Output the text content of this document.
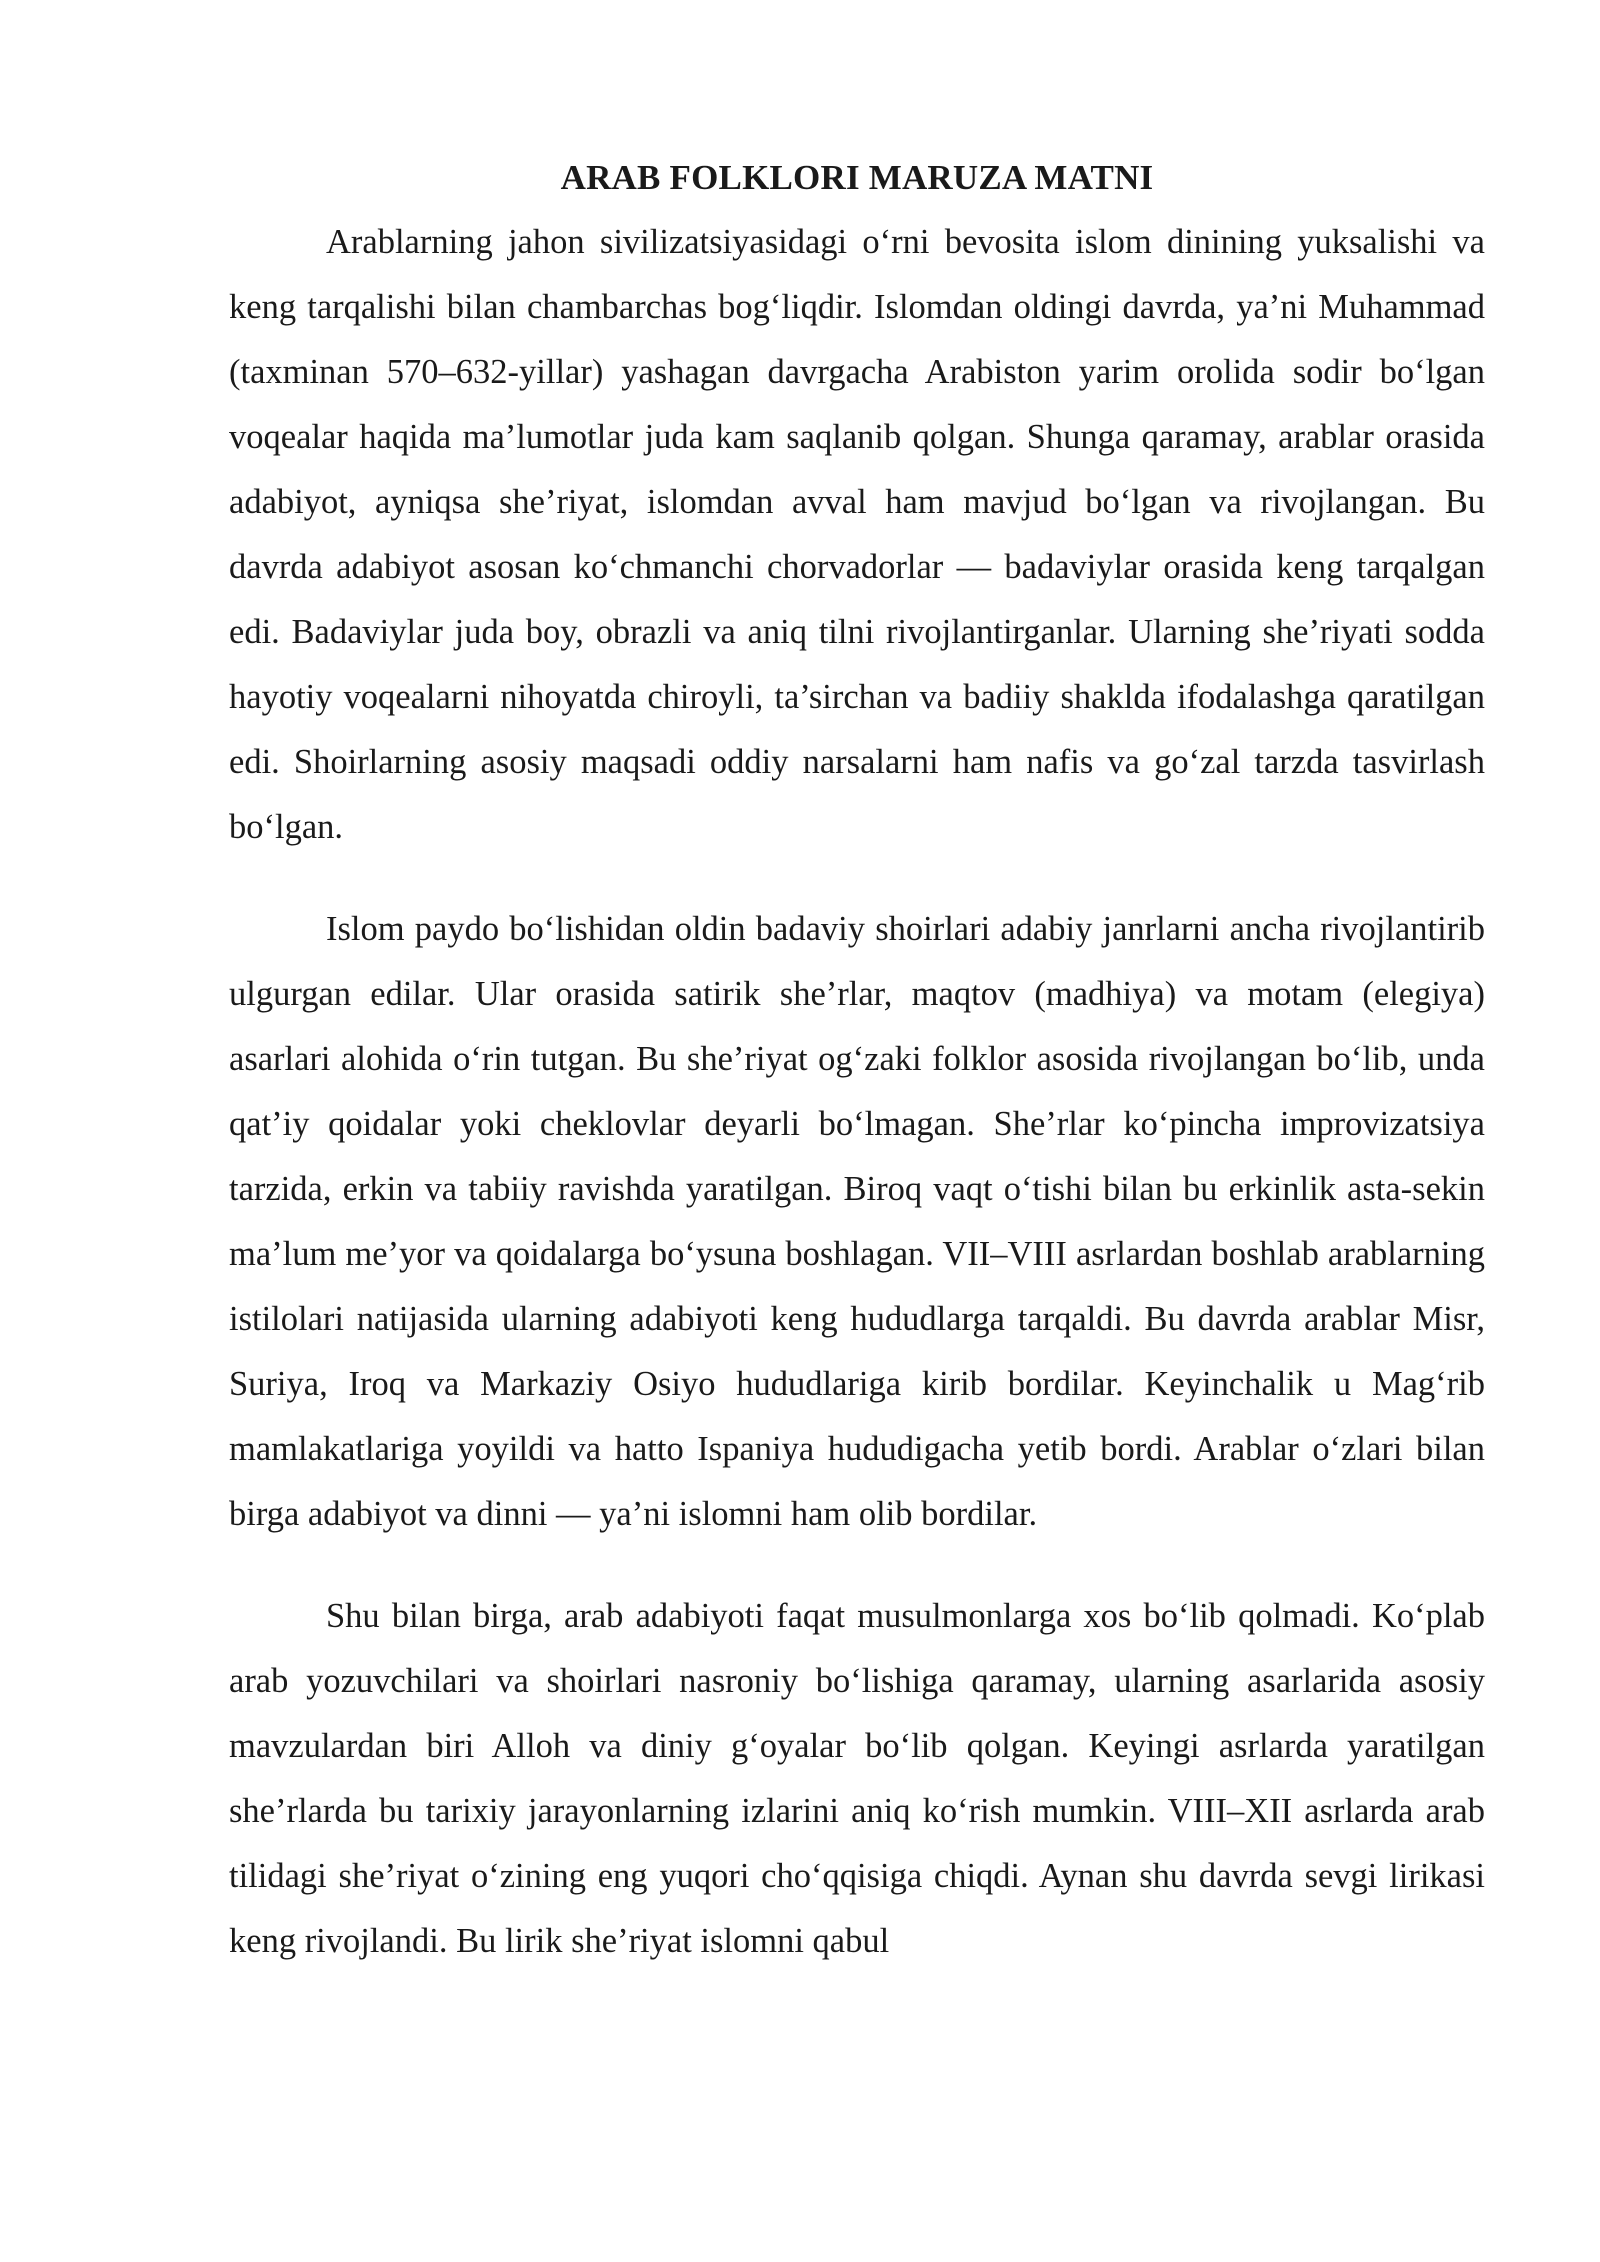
ARAB FOLKLORI MARUZA MATNI

Arablarning jahon sivilizatsiyasidagi o‘rni bevosita islom dinining yuksalishi va keng tarqalishi bilan chambarchas bog‘liqdir. Islomdan oldingi davrda, ya’ni Muhammad (taxminan 570–632-yillar) yashagan davrgacha Arabiston yarim orolida sodir bo‘lgan voqealar haqida ma’lumotlar juda kam saqlanib qolgan. Shunga qaramay, arablar orasida adabiyot, ayniqsa she’riyat, islomdan avval ham mavjud bo‘lgan va rivojlangan. Bu davrda adabiyot asosan ko‘chmanchi chorvadorlar — badaviylar orasida keng tarqalgan edi. Badaviylar juda boy, obrazli va aniq tilni rivojlantirganlar. Ularning she’riyati sodda hayotiy voqealarni nihoyatda chiroyli, ta’sirchan va badiiy shaklda ifodalashga qaratilgan edi. Shoirlarning asosiy maqsadi oddiy narsalarni ham nafis va go‘zal tarzda tasvirlash bo‘lgan.

Islom paydo bo‘lishidan oldin badaviy shoirlari adabiy janrlarni ancha rivojlantirib ulgurgan edilar. Ular orasida satirik she’rlar, maqtov (madhiya) va motam (elegiya) asarlari alohida o‘rin tutgan. Bu she’riyat og‘zaki folklor asosida rivojlangan bo‘lib, unda qat’iy qoidalar yoki cheklovlar deyarli bo‘lmagan. She’rlar ko‘pincha improvizatsiya tarzida, erkin va tabiiy ravishda yaratilgan. Biroq vaqt o‘tishi bilan bu erkinlik asta-sekin ma’lum me’yor va qoidalarga bo‘ysuna boshlagan. VII–VIII asrlardan boshlab arablarning istilolari natijasida ularning adabiyoti keng hududlarga tarqaldi. Bu davrda arablar Misr, Suriya, Iroq va Markaziy Osiyo hududlariga kirib bordilar. Keyinchalik u Mag‘rib mamlakatlariga yoyildi va hatto Ispaniya hududigacha yetib bordi. Arablar o‘zlari bilan birga adabiyot va dinni — ya’ni islomni ham olib bordilar.

Shu bilan birga, arab adabiyoti faqat musulmonlarga xos bo‘lib qolmadi. Ko‘plab arab yozuvchilari va shoirlari nasroniy bo‘lishiga qaramay, ularning asarlarida asosiy mavzulardan biri Alloh va diniy g‘oyalar bo‘lib qolgan. Keyingi asrlarda yaratilgan she’rlarda bu tarixiy jarayonlarning izlarini aniq ko‘rish mumkin. VIII–XII asrlarda arab tilidagi she’riyat o‘zining eng yuqori cho‘qqisiga chiqdi. Aynan shu davrda sevgi lirikasi keng rivojlandi. Bu lirik she’riyat islomni qabul
